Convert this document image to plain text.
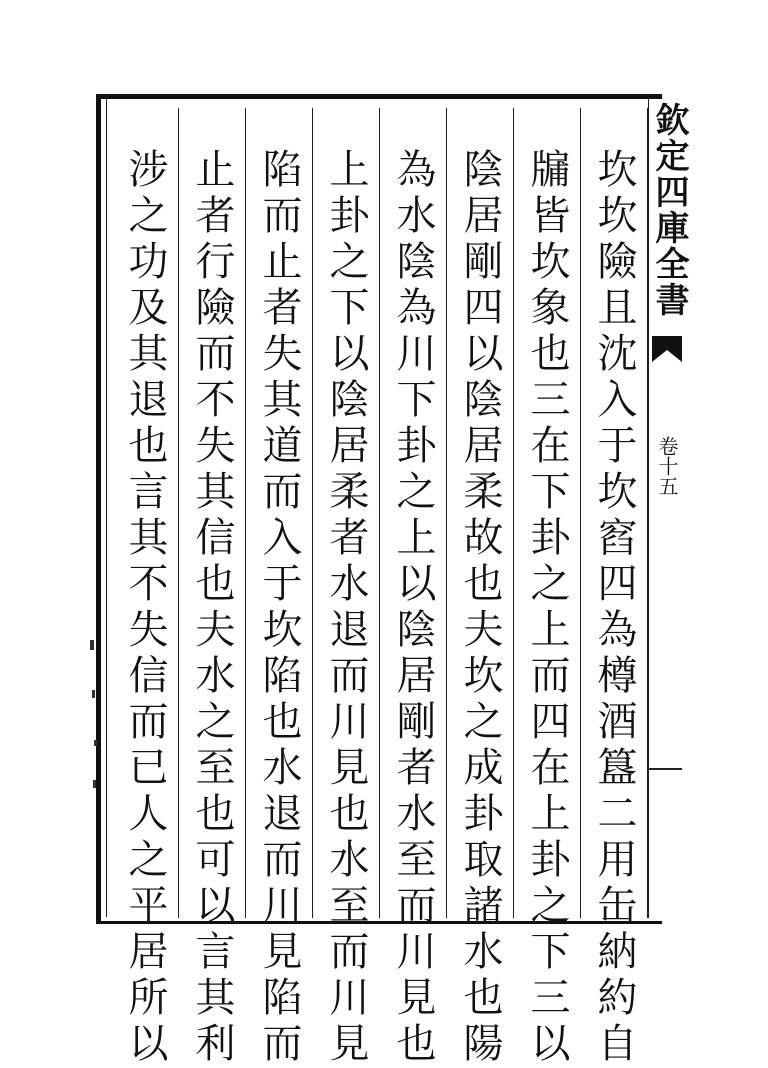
坎坎險且沈入于坎窞四為樽酒簋二用缶納約自
牖皆坎象也三在下卦之上而四在上卦之下三以
陰居剛四以陰居柔故也夫坎之成卦取諸水也陽
為水陰為川下卦之上以陰居剛者水至而川見也
上卦之下以陰居柔者水退而川見也水至而川見
陷而止者失其道而入于坎陷也水退而川見陷而
止者行險而不失其信也夫水之至也可以言其利
涉之功及其退也言其不失信而已人之平居所以	欽定四庫全書
卷十五
